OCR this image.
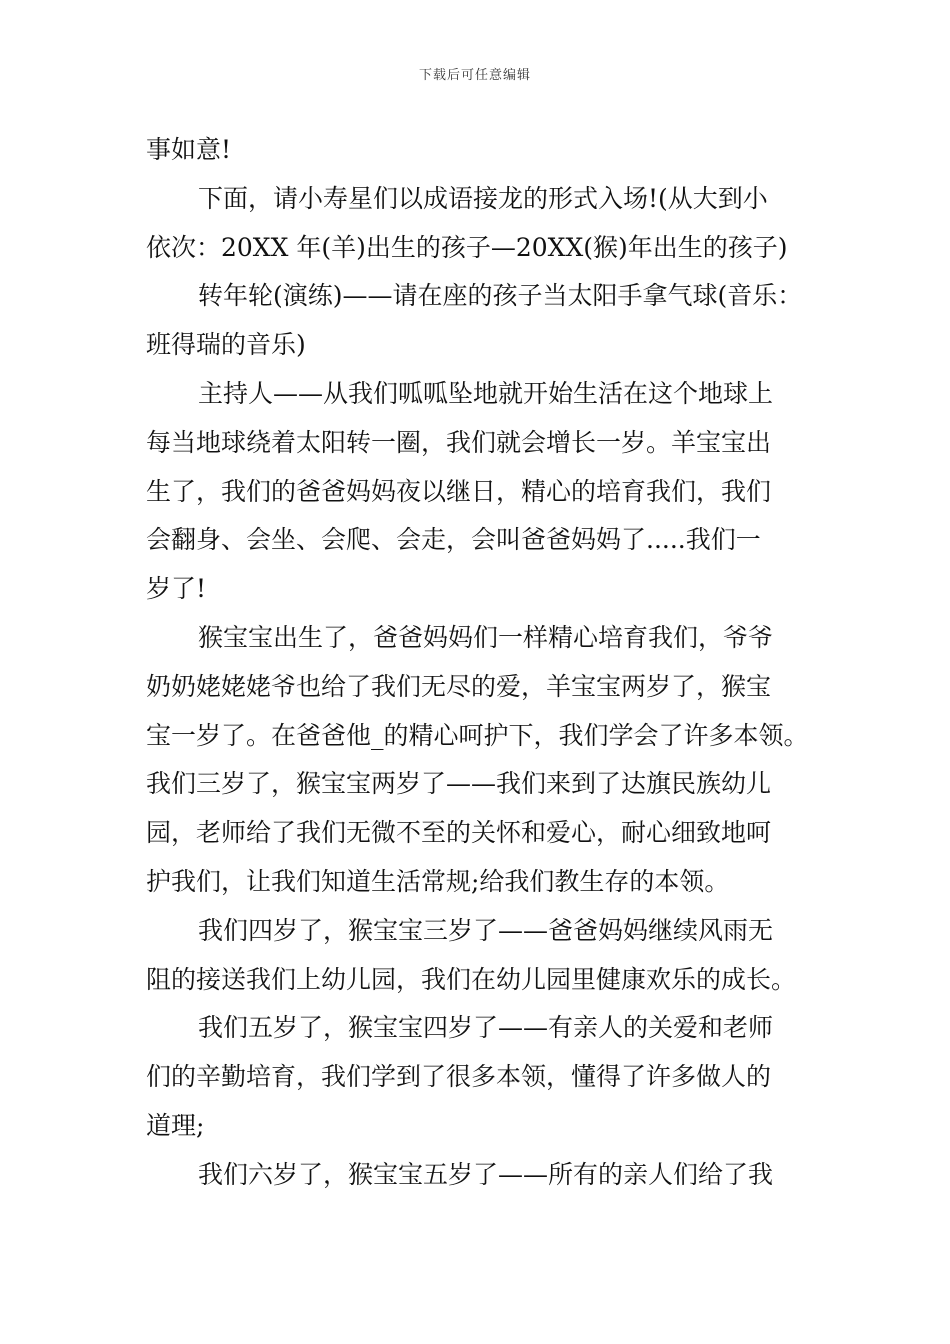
下载后可任意编辑
事如意!
下面，请小寿星们以成语接龙的形式入场!(从大到小
依次：20XX 年(羊)出生的孩子—20XX(猴)年出生的孩子)
转年轮(演练)——请在座的孩子当太阳手拿气球(音乐：
班得瑞的音乐)
主持人——从我们呱呱坠地就开始生活在这个地球上
每当地球绕着太阳转一圈，我们就会增长一岁。羊宝宝出
生了，我们的爸爸妈妈夜以继日，精心的培育我们，我们
会翻身、会坐、会爬、会走，会叫爸爸妈妈了.....我们一
岁了!
猴宝宝出生了，爸爸妈妈们一样精心培育我们，爷爷
奶奶姥姥姥爷也给了我们无尽的爱，羊宝宝两岁了，猴宝
宝一岁了。在爸爸他_的精心呵护下，我们学会了许多本领。
我们三岁了，猴宝宝两岁了——我们来到了达旗民族幼儿
园，老师给了我们无微不至的关怀和爱心，耐心细致地呵
护我们，让我们知道生活常规;给我们教生存的本领。
我们四岁了，猴宝宝三岁了——爸爸妈妈继续风雨无
阻的接送我们上幼儿园，我们在幼儿园里健康欢乐的成长。
我们五岁了，猴宝宝四岁了——有亲人的关爱和老师
们的辛勤培育，我们学到了很多本领，懂得了许多做人的
道理;
我们六岁了，猴宝宝五岁了——所有的亲人们给了我
